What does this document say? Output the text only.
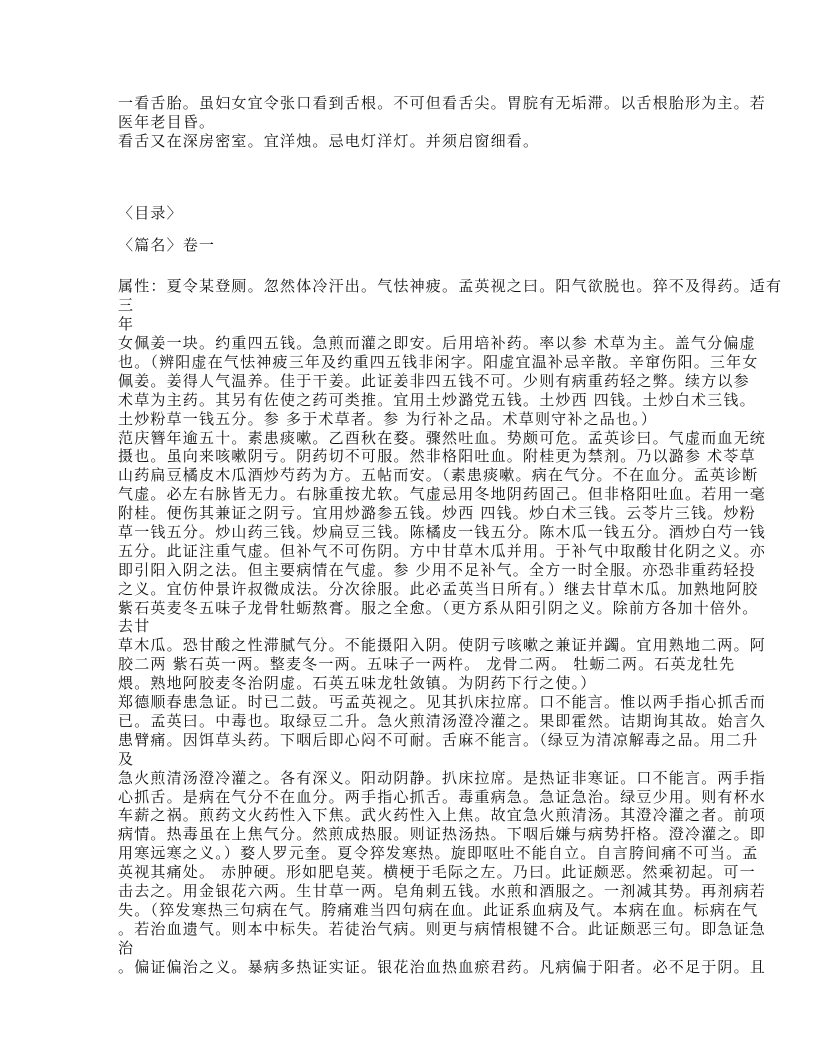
一看舌胎。虽妇女宜令张口看到舌根。不可但看舌尖。胃脘有无垢滞。以舌根胎形为主。若
医年老目昏。
看舌又在深房密室。宜洋烛。忌电灯洋灯。并须启窗细看。
〈目录〉
〈篇名〉卷一
属性：夏令某登厕。忽然体冷汗出。气怯神疲。孟英视之曰。阳气欲脱也。猝不及得药。适有
三
年
女佩姜一块。约重四五钱。急煎而灌之即安。后用培补药。率以参 术草为主。盖气分偏虚
也。（辨阳虚在气怯神疲三年及约重四五钱非闲字。阳虚宜温补忌辛散。辛窜伤阳。三年女
佩姜。姜得人气温养。佳于干姜。此证姜非四五钱不可。少则有病重药轻之弊。续方以参
术草为主药。其另有佐使之药可类推。宜用土炒潞党五钱。土炒西 四钱。土炒白术三钱。
土炒粉草一钱五分。参 多于术草者。参 为行补之品。术草则守补之品也。）
范庆簪年逾五十。素患痰嗽。乙酉秋在婺。骤然吐血。势颇可危。孟英诊曰。气虚而血无统
摄也。虽向来咳嗽阴亏。阴药切不可服。然非格阳吐血。附桂更为禁剂。乃以潞参 术苓草
山药扁豆橘皮木瓜酒炒芍药为方。五帖而安。（素患痰嗽。病在气分。不在血分。孟英诊断
气虚。必左右脉皆无力。右脉重按尤软。气虚忌用冬地阴药固己。但非格阳吐血。若用一毫
附桂。便伤其兼证之阴亏。宜用炒潞参五钱。炒西 四钱。炒白术三钱。云苓片三钱。炒粉
草一钱五分。炒山药三钱。炒扁豆三钱。陈橘皮一钱五分。陈木瓜一钱五分。酒炒白芍一钱
五分。此证注重气虚。但补气不可伤阴。方中甘草木瓜并用。于补气中取酸甘化阴之义。亦
即引阳入阴之法。但主要病情在气虚。参 少用不足补气。全方一时全服。亦恐非重药轻投
之义。宜仿仲景许叔微成法。分次徐服。此必孟英当日所有。）继去甘草木瓜。加熟地阿胶
紫石英麦冬五味子龙骨牡蛎熬膏。服之全愈。（更方系从阳引阴之义。除前方各加十倍外。
去甘
草木瓜。恐甘酸之性滞腻气分。不能摄阳入阴。使阴亏咳嗽之兼证并蠲。宜用熟地二两。阿
胶二两 紫石英一两。整麦冬一两。五味子一两杵。 龙骨二两。 牡蛎二两。石英龙牡先
煨。熟地阿胶麦冬治阴虚。石英五味龙牡敛镇。为阴药下行之使。）
郑德顺春患急证。时已二鼓。丐孟英视之。见其扒床拉席。口不能言。惟以两手指心抓舌而
已。孟英曰。中毒也。取绿豆二升。急火煎清汤澄冷灌之。果即霍然。诘期询其故。始言久
患臂痛。因饵草头药。下咽后即心闷不可耐。舌麻不能言。（绿豆为清凉解毒之品。用二升
及
急火煎清汤澄冷灌之。各有深义。阳动阴静。扒床拉席。是热证非寒证。口不能言。两手指
心抓舌。是病在气分不在血分。两手指心抓舌。毒重病急。急证急治。绿豆少用。则有杯水
车薪之祸。煎药文火药性入下焦。武火药性入上焦。故宜急火煎清汤。其澄冷灌之者。前项
病情。热毒虽在上焦气分。然煎成热服。则证热汤热。下咽后嫌与病势扞格。澄冷灌之。即
用寒远寒之义。）婺人罗元奎。夏令猝发寒热。旋即呕吐不能自立。自言胯间痛不可当。孟
英视其痛处。 赤肿硬。形如肥皂荚。横梗于毛际之左。乃曰。此证颇恶。然乘初起。可一
击去之。用金银花六两。生甘草一两。皂角刺五钱。水煎和酒服之。一剂减其势。再剂病若
失。（猝发寒热三句病在气。胯痛难当四句病在血。此证系血病及气。本病在血。标病在气
。若治血遗气。则本中标失。若徒治气病。则更与病情根键不合。此证颇恶三句。即急证急
治
。偏证偏治之义。暴病多热证实证。银花治血热血瘀君药。凡病偏于阳者。必不足于阴。且
